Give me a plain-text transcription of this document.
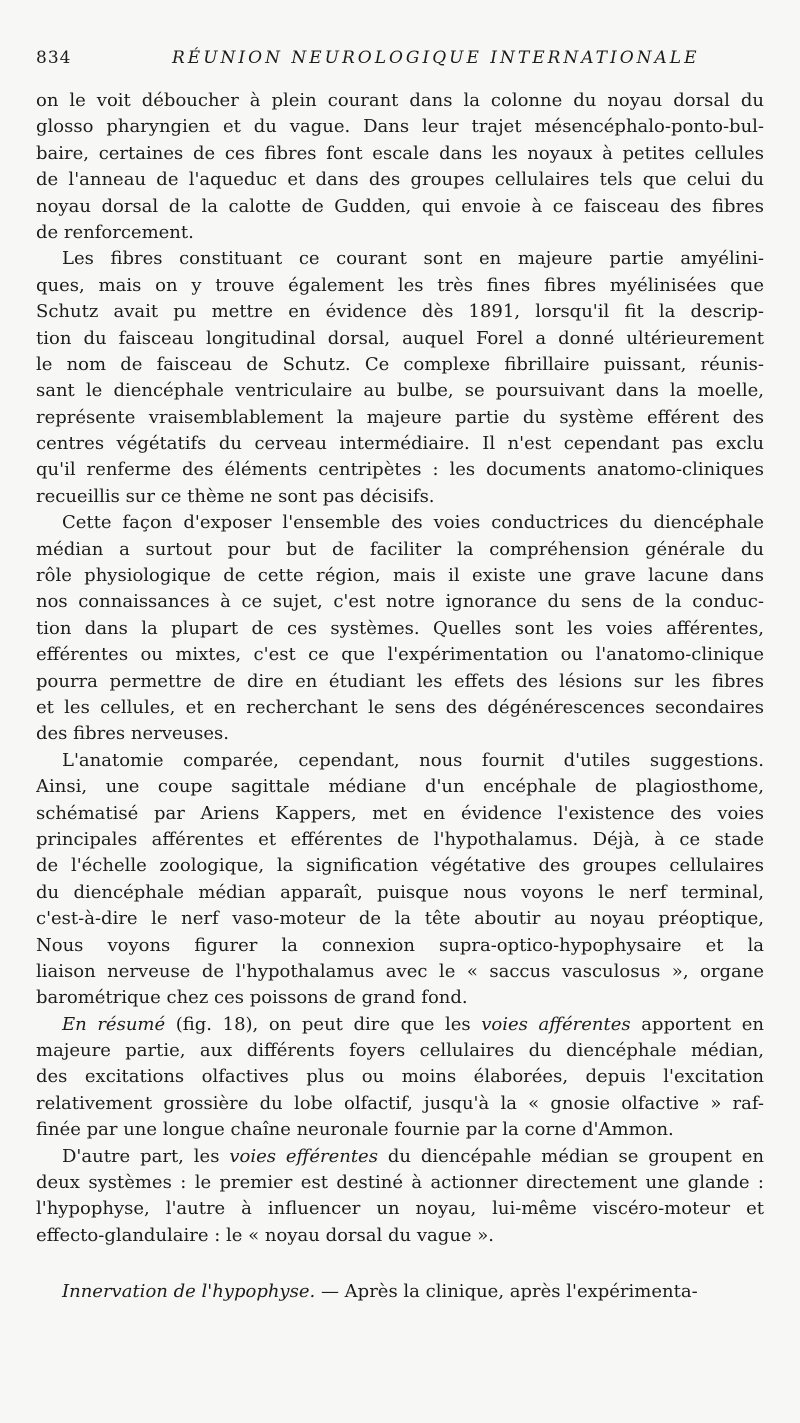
834	RÉUNION NEUROLOGIQUE INTERNATIONALE
on le voit déboucher à plein courant dans la colonne du noyau dorsal du
glosso pharyngien et du vague. Dans leur trajet mésencéphalo-ponto-bul-
baire, certaines de ces fibres font escale dans les noyaux à petites cellules
de l'anneau de l'aqueduc et dans des groupes cellulaires tels que celui du
noyau dorsal de la calotte de Gudden, qui envoie à ce faisceau des fibres
de renforcement.
Les fibres constituant ce courant sont en majeure partie amyélini-
ques, mais on y trouve également les très fines fibres myélinisées que
Schutz avait pu mettre en évidence dès 1891, lorsqu'il fit la descrip-
tion du faisceau longitudinal dorsal, auquel Forel a donné ultérieurement
le nom de faisceau de Schutz. Ce complexe fibrillaire puissant, réunis-
sant le diencéphale ventriculaire au bulbe, se poursuivant dans la moelle,
représente vraisemblablement la majeure partie du système efférent des
centres végétatifs du cerveau intermédiaire. Il n'est cependant pas exclu
qu'il renferme des éléments centripètes : les documents anatomo-cliniques
recueillis sur ce thème ne sont pas décisifs.
Cette façon d'exposer l'ensemble des voies conductrices du diencéphale
médian a surtout pour but de faciliter la compréhension générale du
rôle physiologique de cette région, mais il existe une grave lacune dans
nos connaissances à ce sujet, c'est notre ignorance du sens de la conduc-
tion dans la plupart de ces systèmes. Quelles sont les voies afférentes,
efférentes ou mixtes, c'est ce que l'expérimentation ou l'anatomo-clinique
pourra permettre de dire en étudiant les effets des lésions sur les fibres
et les cellules, et en recherchant le sens des dégénérescences secondaires
des fibres nerveuses.
L'anatomie comparée, cependant, nous fournit d'utiles suggestions.
Ainsi, une coupe sagittale médiane d'un encéphale de plagiosthome,
schématisé par Ariens Kappers, met en évidence l'existence des voies
principales afférentes et efférentes de l'hypothalamus. Déjà, à ce stade
de l'échelle zoologique, la signification végétative des groupes cellulaires
du diencéphale médian apparaît, puisque nous voyons le nerf terminal,
c'est-à-dire le nerf vaso-moteur de la tête aboutir au noyau préoptique,
Nous voyons figurer la connexion supra-optico-hypophysaire et la
liaison nerveuse de l'hypothalamus avec le « saccus vasculosus », organe
barométrique chez ces poissons de grand fond.
En résumé (fig. 18), on peut dire que les voies afférentes apportent en
majeure partie, aux différents foyers cellulaires du diencéphale médian,
des excitations olfactives plus ou moins élaborées, depuis l'excitation
relativement grossière du lobe olfactif, jusqu'à la « gnosie olfactive » raf-
finée par une longue chaîne neuronale fournie par la corne d'Ammon.
D'autre part, les voies efférentes du diencépahle médian se groupent en
deux systèmes : le premier est destiné à actionner directement une glande :
l'hypophyse, l'autre à influencer un noyau, lui-même viscéro-moteur et
effecto-glandulaire : le « noyau dorsal du vague ».
Innervation de l'hypophyse. — Après la clinique, après l'expérimenta-
